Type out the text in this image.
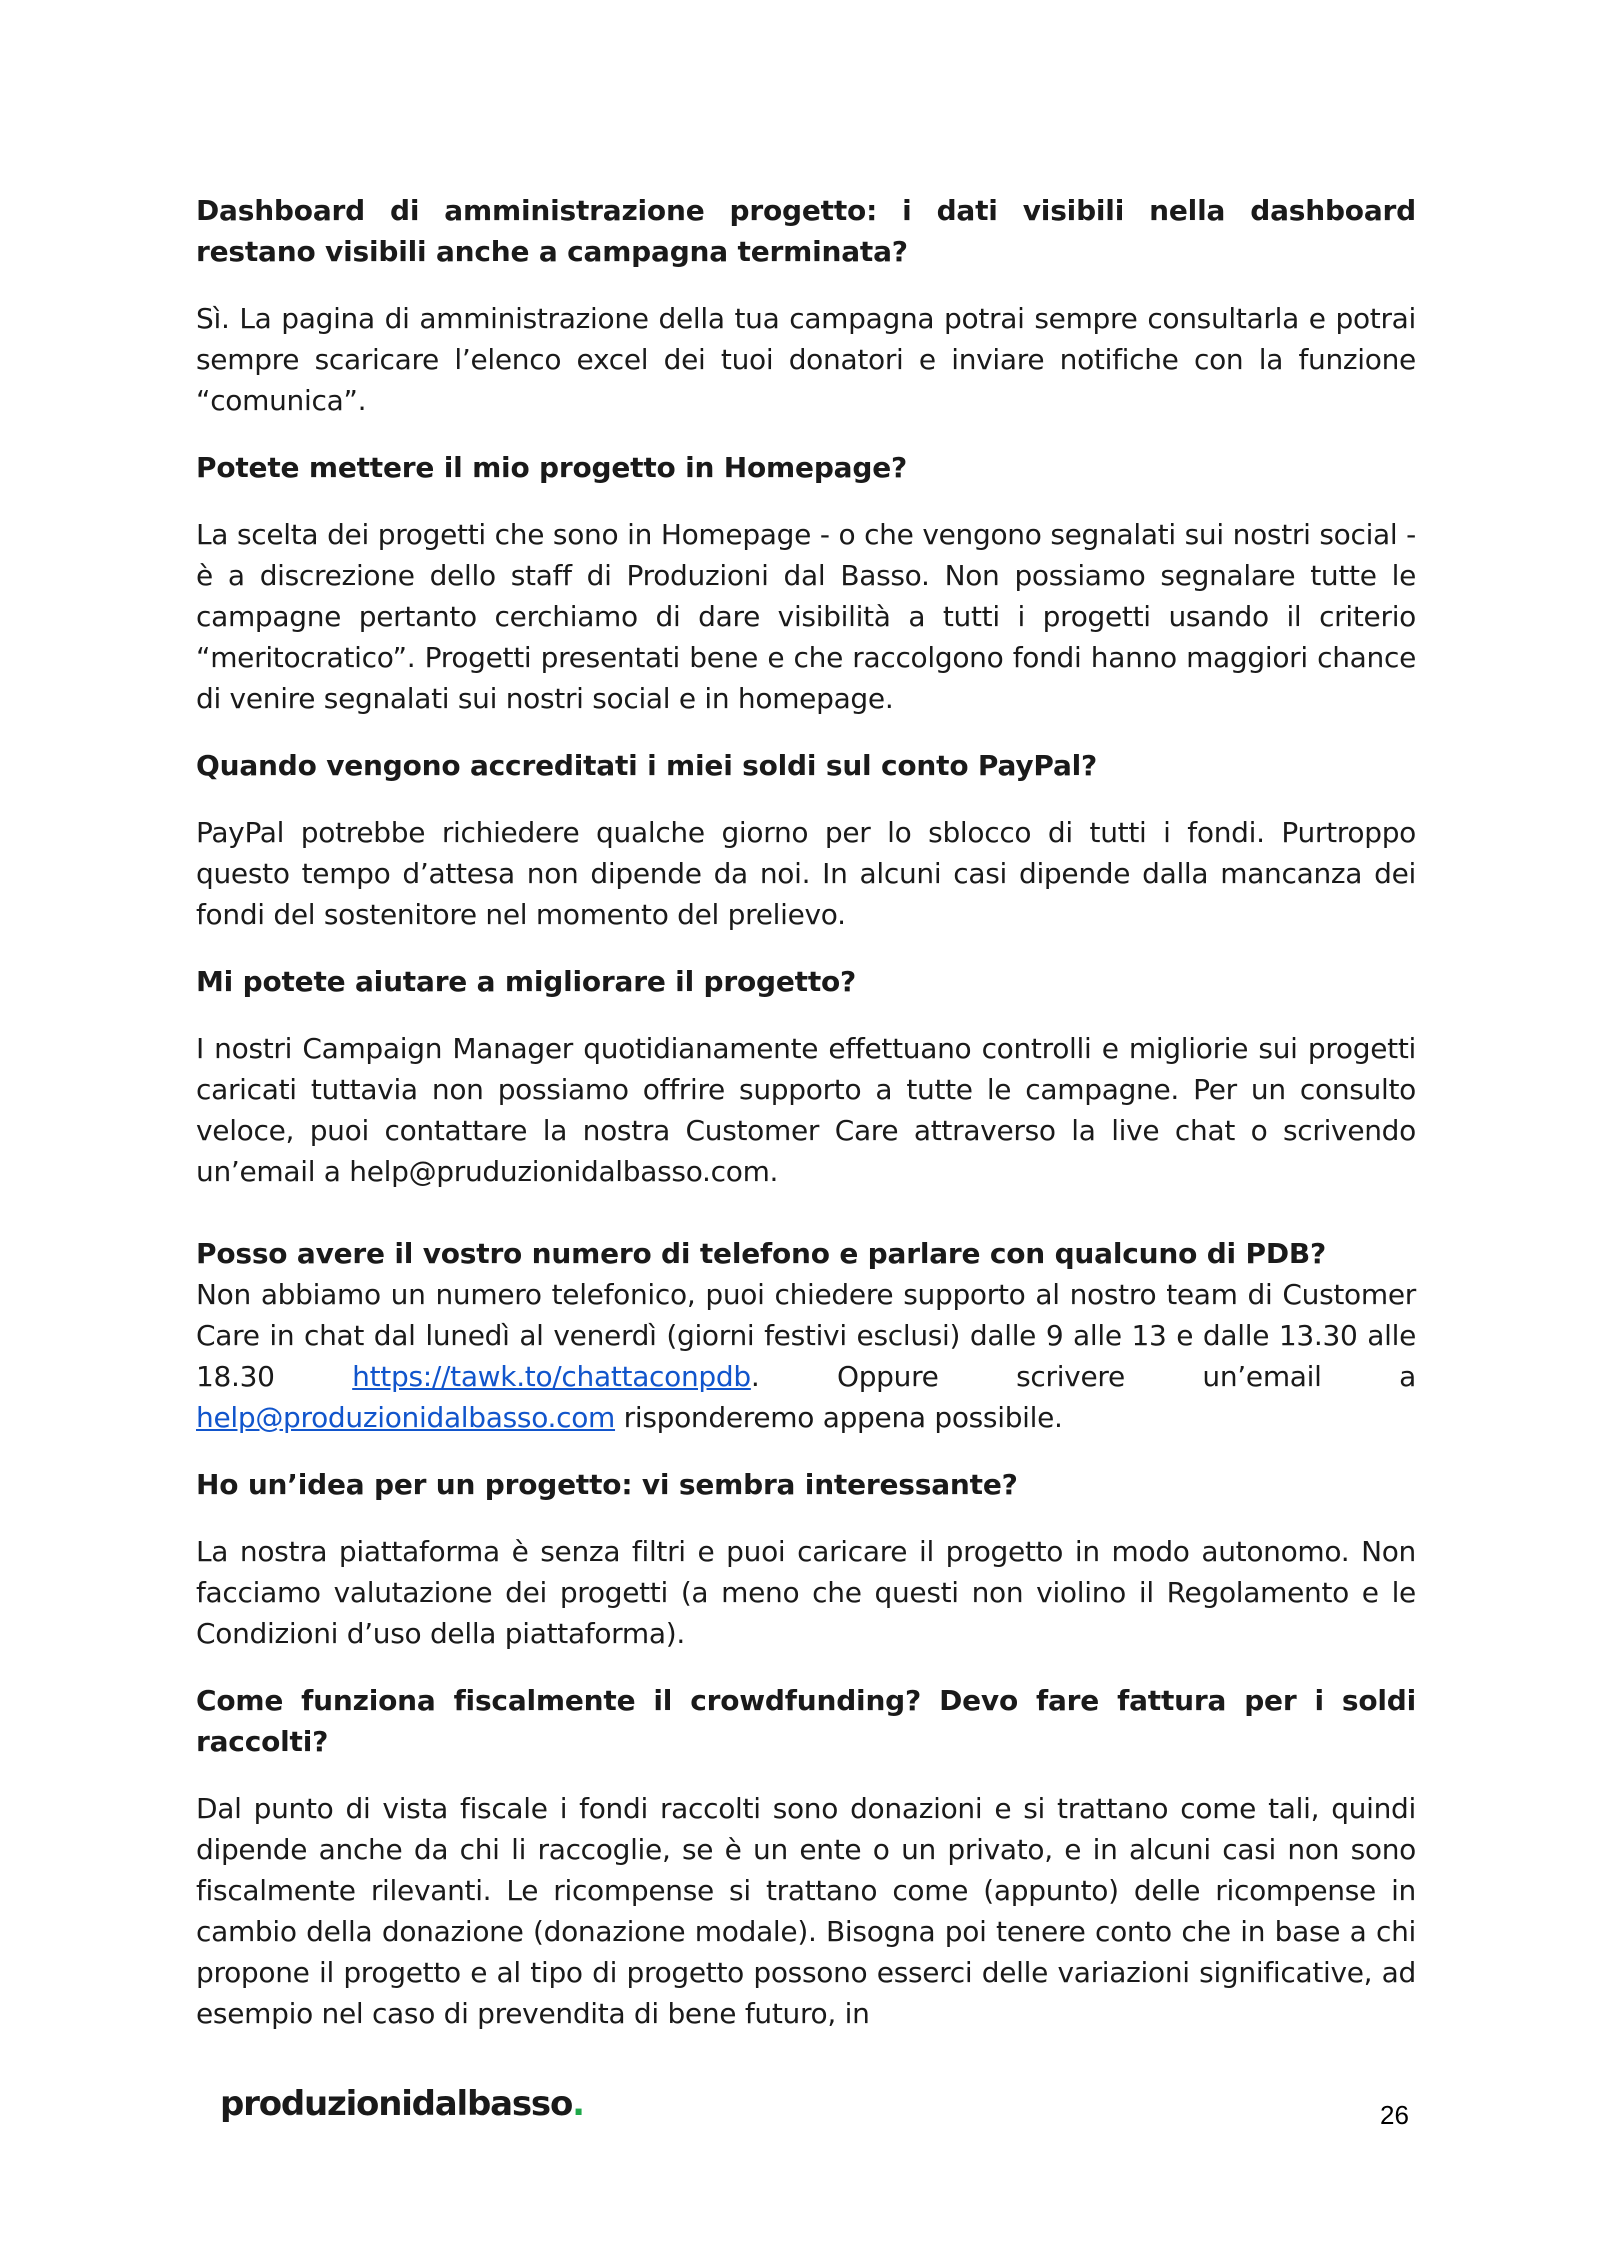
Dashboard di amministrazione progetto: i dati visibili nella dashboard restano visibili anche a campagna terminata?

Sì. La pagina di amministrazione della tua campagna potrai sempre consultarla e potrai sempre scaricare l’elenco excel dei tuoi donatori e inviare notifiche con la funzione “comunica”.

Potete mettere il mio progetto in Homepage?

La scelta dei progetti che sono in Homepage - o che vengono segnalati sui nostri social - è a discrezione dello staff di Produzioni dal Basso. Non possiamo segnalare tutte le campagne pertanto cerchiamo di dare visibilità a tutti i progetti usando il criterio “meritocratico”. Progetti presentati bene e che raccolgono fondi hanno maggiori chance di venire segnalati sui nostri social e in homepage.

Quando vengono accreditati i miei soldi sul conto PayPal?

PayPal potrebbe richiedere qualche giorno per lo sblocco di tutti i fondi. Purtroppo questo tempo d’attesa non dipende da noi. In alcuni casi dipende dalla mancanza dei fondi del sostenitore nel momento del prelievo.

Mi potete aiutare a migliorare il progetto?

I nostri Campaign Manager quotidianamente effettuano controlli e migliorie sui progetti caricati tuttavia non possiamo offrire supporto a tutte le campagne. Per un consulto veloce, puoi contattare la nostra Customer Care attraverso la live chat o scrivendo un’email a help@pruduzionidalbasso.com.

Posso avere il vostro numero di telefono e parlare con qualcuno di PDB?

Non abbiamo un numero telefonico, puoi chiedere supporto al nostro team di Customer Care in chat dal lunedì al venerdì (giorni festivi esclusi) dalle 9 alle 13 e dalle 13.30 alle 18.30 https://tawk.to/chattaconpdb. Oppure scrivere un’email a help@produzionidalbasso.com risponderemo appena possibile.

Ho un’idea per un progetto: vi sembra interessante?

La nostra piattaforma è senza filtri e puoi caricare il progetto in modo autonomo. Non facciamo valutazione dei progetti (a meno che questi non violino il Regolamento e le Condizioni d’uso della piattaforma).

Come funziona fiscalmente il crowdfunding? Devo fare fattura per i soldi raccolti?

Dal punto di vista fiscale i fondi raccolti sono donazioni e si trattano come tali, quindi dipende anche da chi li raccoglie, se è un ente o un privato, e in alcuni casi non sono fiscalmente rilevanti. Le ricompense si trattano come (appunto) delle ricompense in cambio della donazione (donazione modale). Bisogna poi tenere conto che in base a chi propone il progetto e al tipo di progetto possono esserci delle variazioni significative, ad esempio nel caso di prevendita di bene futuro, in

produzionidalbasso.	26
